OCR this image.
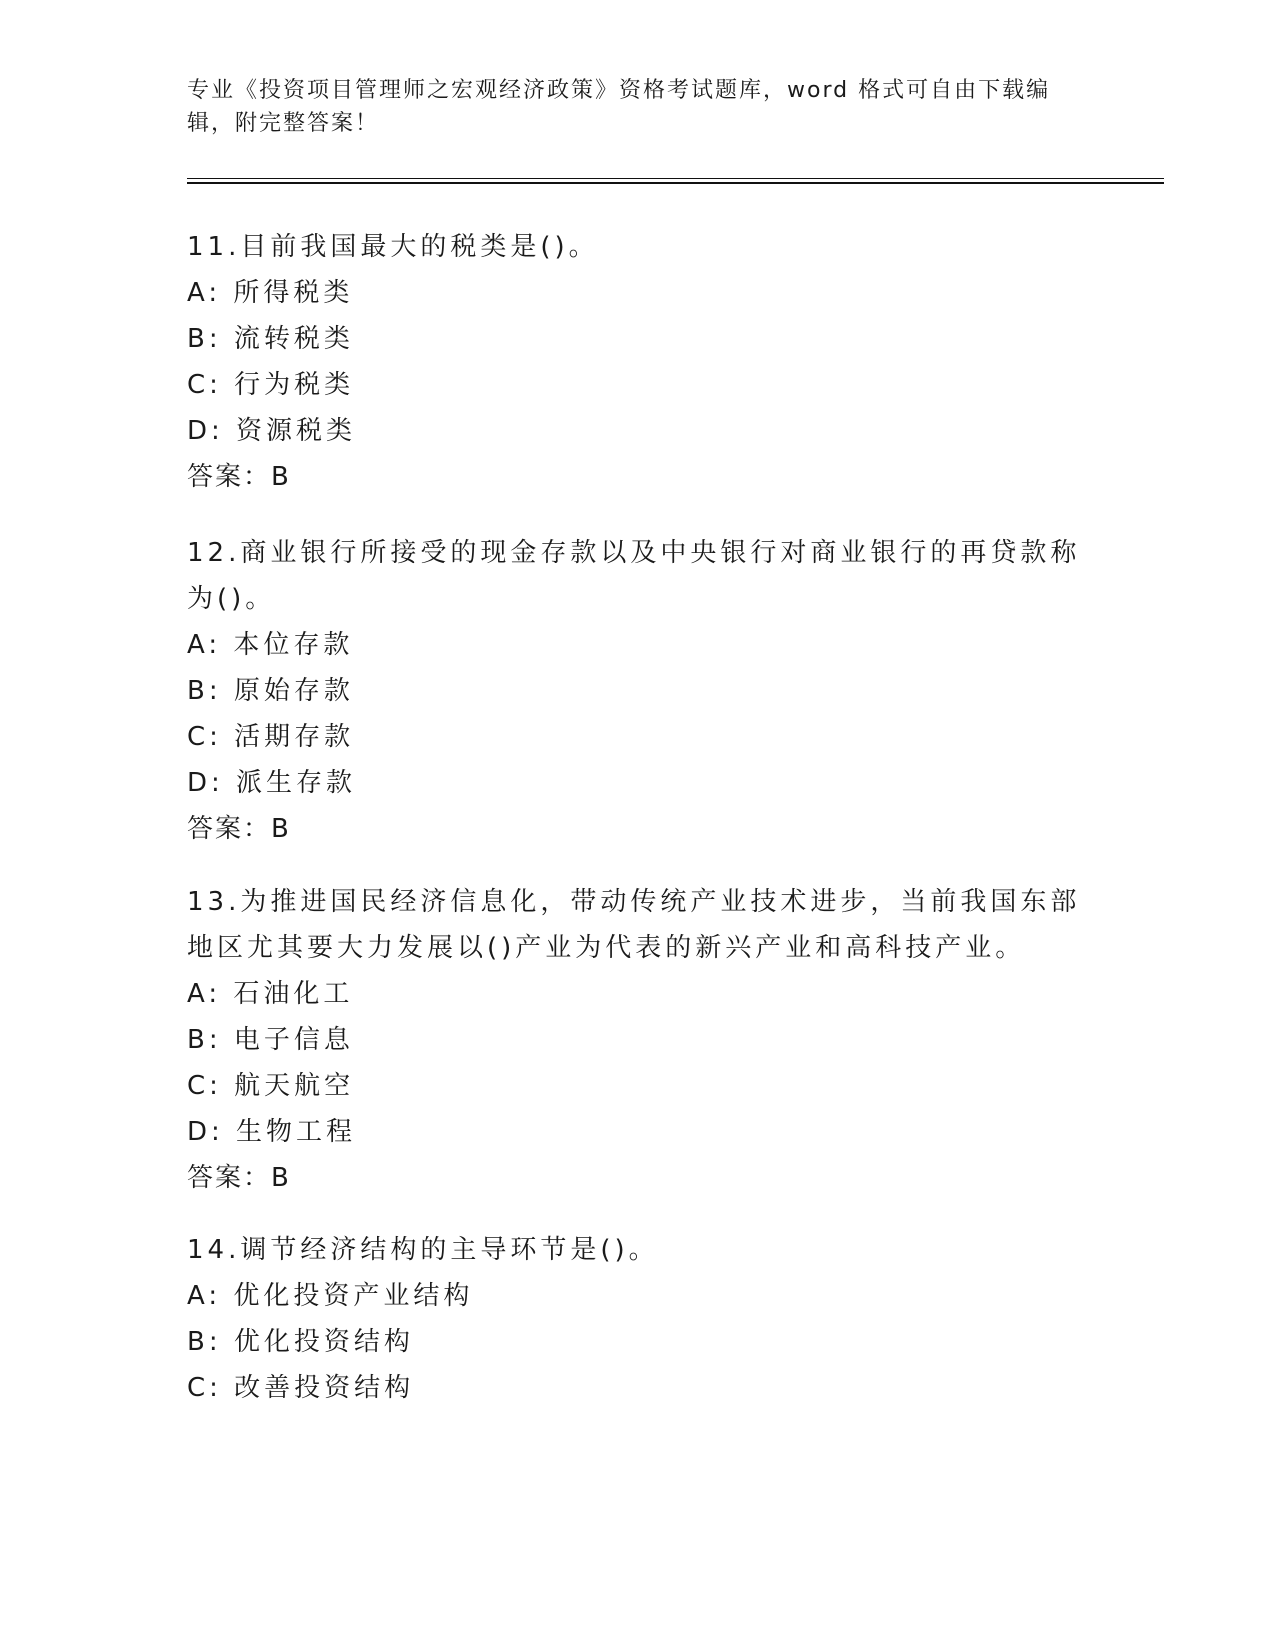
专业《投资项目管理师之宏观经济政策》资格考试题库，word 格式可自由下载编辑，附完整答案！

11.目前我国最大的税类是()。

A: 所得税类

B: 流转税类

C: 行为税类

D: 资源税类

答案：B

12.商业银行所接受的现金存款以及中央银行对商业银行的再贷款称为()。

A: 本位存款

B: 原始存款

C: 活期存款

D: 派生存款

答案：B

13.为推进国民经济信息化，带动传统产业技术进步，当前我国东部地区尤其要大力发展以()产业为代表的新兴产业和高科技产业。

A: 石油化工

B: 电子信息

C: 航天航空

D: 生物工程

答案：B

14.调节经济结构的主导环节是()。

A: 优化投资产业结构

B: 优化投资结构

C: 改善投资结构
